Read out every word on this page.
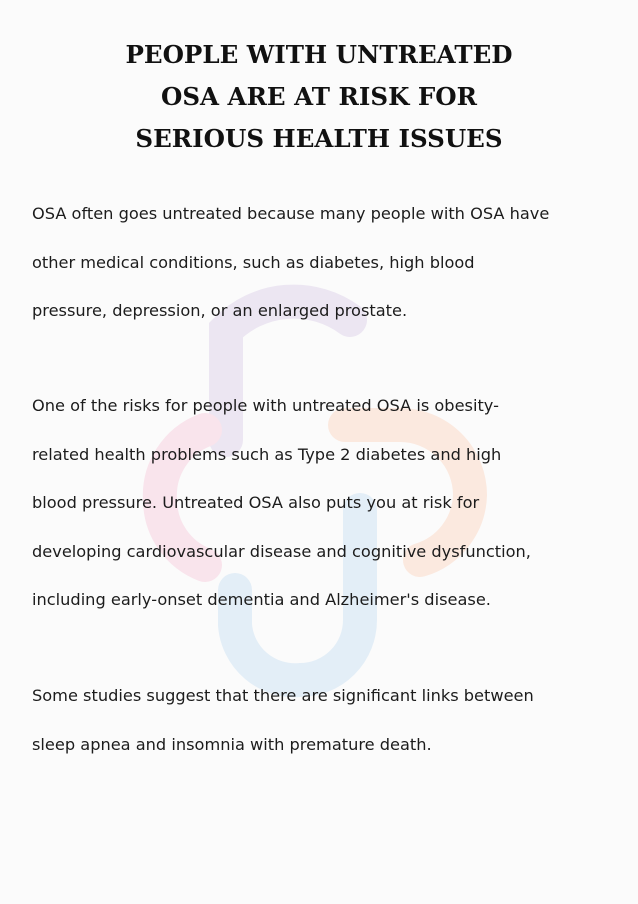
PEOPLE WITH UNTREATED
OSA ARE AT RISK FOR
SERIOUS HEALTH ISSUES

OSA often goes untreated because many people with OSA have
other medical conditions, such as diabetes, high blood
pressure, depression, or an enlarged prostate.

One of the risks for people with untreated OSA is obesity-
related health problems such as Type 2 diabetes and high
blood pressure. Untreated OSA also puts you at risk for
developing cardiovascular disease and cognitive dysfunction,
including early-onset dementia and Alzheimer's disease.

Some studies suggest that there are significant links between
sleep apnea and insomnia with premature death.
